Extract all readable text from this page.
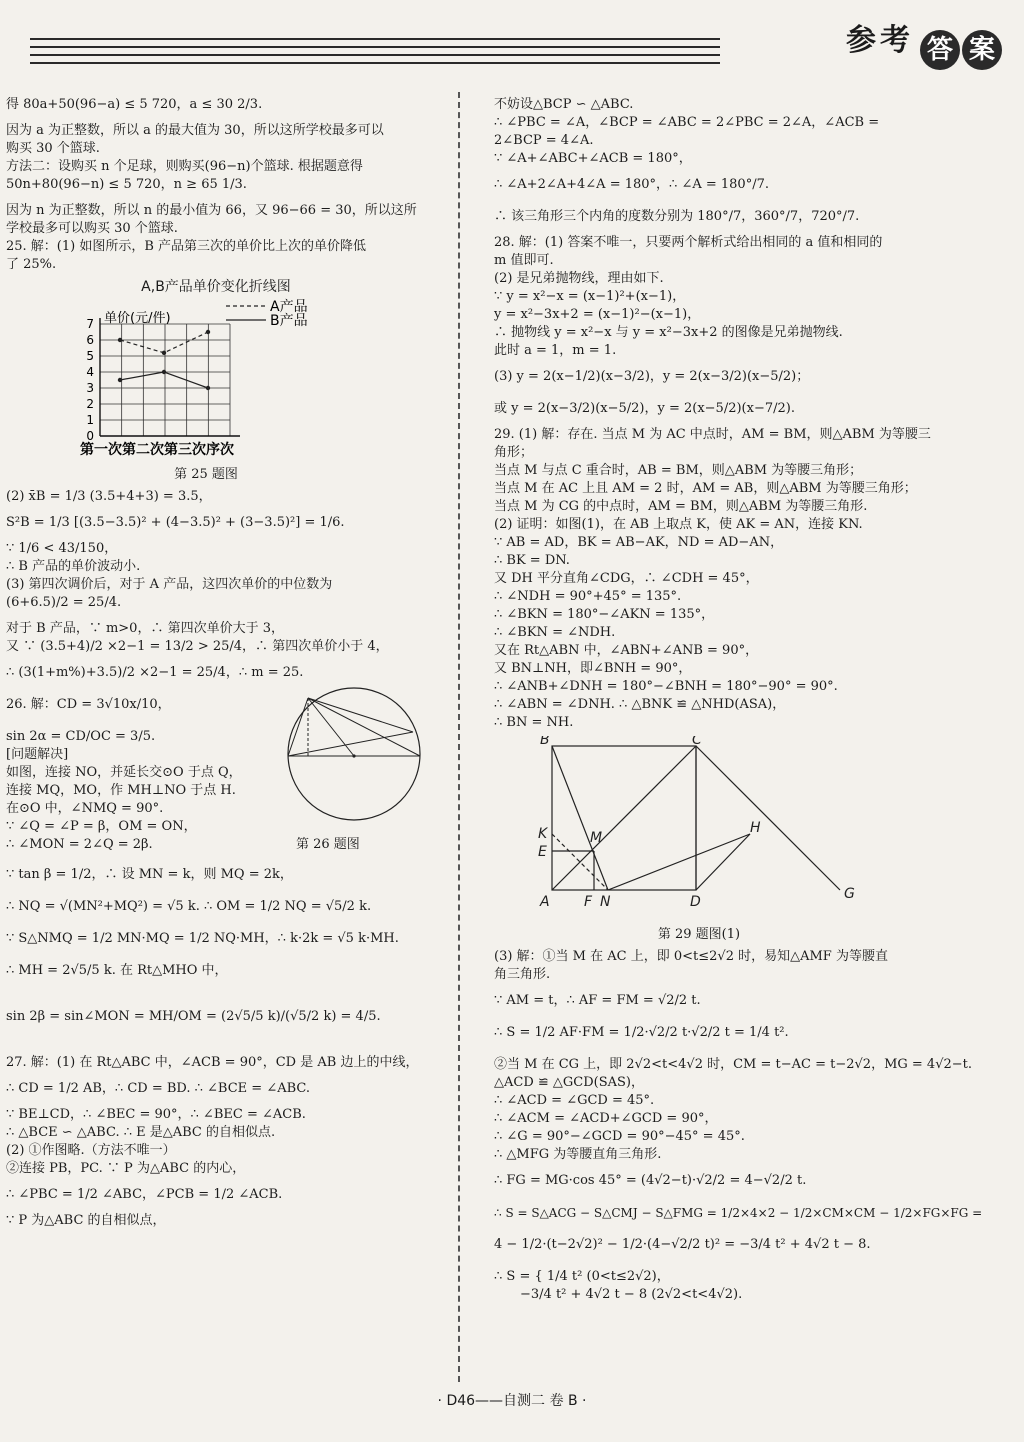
参考 答 案

得 80a+50(96−a) ≤ 5 720，a ≤ 30 2/3.

因为 a 为正整数，所以 a 的最大值为 30，所以这所学校最多可以

购买 30 个篮球.

方法二：设购买 n 个足球，则购买(96−n)个篮球. 根据题意得

50n+80(96−n) ≤ 5 720，n ≥ 65 1/3.

因为 n 为正整数，所以 n 的最小值为 66，又 96−66 = 30，所以这所

学校最多可以购买 30 个篮球.

25. 解：(1) 如图所示，B 产品第三次的单价比上次的单价降低

了 25%.

A,B产品单价变化折线图
0
1
2
3
4
5
6
7 单价(元/件)
A产品
B产品
第一次第二次第三次序次

第 25 题图

(2) x̄B = 1/3 (3.5+4+3) = 3.5，

S²B = 1/3 [(3.5−3.5)² + (4−3.5)² + (3−3.5)²] = 1/6.

∵ 1/6 < 43/150，

∴ B 产品的单价波动小.

(3) 第四次调价后，对于 A 产品，这四次单价的中位数为

(6+6.5)/2 = 25/4.

对于 B 产品，∵ m>0，∴ 第四次单价大于 3，

又 ∵ (3.5+4)/2 ×2−1 = 13/2 > 25/4，∴ 第四次单价小于 4，

∴ (3(1+m%)+3.5)/2 ×2−1 = 25/4，∴ m = 25.

26. 解：CD = 3√10x/10，

sin 2α = CD/OC = 3/5.

[问题解决]

如图，连接 NO，并延长交⊙O 于点 Q，

连接 MQ，MO，作 MH⊥NO 于点 H.

在⊙O 中，∠NMQ = 90°.

∵ ∠Q = ∠P = β，OM = ON，

∴ ∠MON = 2∠Q = 2β.	第 26 题图

∵ tan β = 1/2，∴ 设 MN = k，则 MQ = 2k，

∴ NQ = √(MN²+MQ²) = √5 k. ∴ OM = 1/2 NQ = √5/2 k.

∵ S△NMQ = 1/2 MN·MQ = 1/2 NQ·MH，∴ k·2k = √5 k·MH.

∴ MH = 2√5/5 k. 在 Rt△MHO 中，

sin 2β = sin∠MON = MH/OM = (2√5/5 k)/(√5/2 k) = 4/5.

27. 解：(1) 在 Rt△ABC 中，∠ACB = 90°，CD 是 AB 边上的中线，

∴ CD = 1/2 AB，∴ CD = BD. ∴ ∠BCE = ∠ABC.

∵ BE⊥CD，∴ ∠BEC = 90°，∴ ∠BEC = ∠ACB.

∴ △BCE ∽ △ABC. ∴ E 是△ABC 的自相似点.

(2) ①作图略.（方法不唯一）

②连接 PB，PC. ∵ P 为△ABC 的内心，

∴ ∠PBC = 1/2 ∠ABC，∠PCB = 1/2 ∠ACB.

∵ P 为△ABC 的自相似点，

不妨设△BCP ∽ △ABC.

∴ ∠PBC = ∠A，∠BCP = ∠ABC = 2∠PBC = 2∠A，∠ACB =

2∠BCP = 4∠A.

∵ ∠A+∠ABC+∠ACB = 180°，

∴ ∠A+2∠A+4∠A = 180°，∴ ∠A = 180°/7.

∴ 该三角形三个内角的度数分别为 180°/7，360°/7，720°/7.

28. 解：(1) 答案不唯一，只要两个解析式给出相同的 a 值和相同的

m 值即可.

(2) 是兄弟抛物线，理由如下.

∵ y = x²−x = (x−1)²+(x−1)，

y = x²−3x+2 = (x−1)²−(x−1)，

∴ 抛物线 y = x²−x 与 y = x²−3x+2 的图像是兄弟抛物线.

此时 a = 1，m = 1.

(3) y = 2(x−1/2)(x−3/2)，y = 2(x−3/2)(x−5/2)；

或 y = 2(x−3/2)(x−5/2)，y = 2(x−5/2)(x−7/2).

29. (1) 解：存在. 当点 M 为 AC 中点时，AM = BM，则△ABM 为等腰三

角形；

当点 M 与点 C 重合时，AB = BM，则△ABM 为等腰三角形；

当点 M 在 AC 上且 AM = 2 时，AM = AB，则△ABM 为等腰三角形；

当点 M 为 CG 的中点时，AM = BM，则△ABM 为等腰三角形.

(2) 证明：如图(1)，在 AB 上取点 K，使 AK = AN，连接 KN.

∵ AB = AD，BK = AB−AK，ND = AD−AN，

∴ BK = DN.

又 DH 平分直角∠CDG，∴ ∠CDH = 45°，

∴ ∠NDH = 90°+45° = 135°.

∴ ∠BKN = 180°−∠AKN = 135°，

∴ ∠BKN = ∠NDH.

又在 Rt△ABN 中，∠ABN+∠ANB = 90°，

又 BN⊥NH，即∠BNH = 90°，

∴ ∠ANB+∠DNH = 180°−∠BNH = 180°−90° = 90°.

∴ ∠ABN = ∠DNH. ∴ △BNK ≌ △NHD(ASA)，

∴ BN = NH.

B	C
A F N	D	G
K
E
M
H

第 29 题图(1)

(3) 解：①当 M 在 AC 上，即 0<t≤2√2 时，易知△AMF 为等腰直

角三角形.

∵ AM = t，∴ AF = FM = √2/2 t.

∴ S = 1/2 AF·FM = 1/2·√2/2 t·√2/2 t = 1/4 t².

②当 M 在 CG 上，即 2√2<t<4√2 时，CM = t−AC = t−2√2，MG = 4√2−t.

△ACD ≌ △GCD(SAS)，

∴ ∠ACD = ∠GCD = 45°.

∴ ∠ACM = ∠ACD+∠GCD = 90°，

∴ ∠G = 90°−∠GCD = 90°−45° = 45°.

∴ △MFG 为等腰直角三角形.

∴ FG = MG·cos 45° = (4√2−t)·√2/2 = 4−√2/2 t.

∴ S = S△ACG − S△CMJ − S△FMG = 1/2×4×2 − 1/2×CM×CM − 1/2×FG×FG =

4 − 1/2·(t−2√2)² − 1/2·(4−√2/2 t)² = −3/4 t² + 4√2 t − 8.

∴ S = { 1/4 t² (0<t≤2√2)，

−3/4 t² + 4√2 t − 8 (2√2<t<4√2).

· D46——自测二 卷 B ·
